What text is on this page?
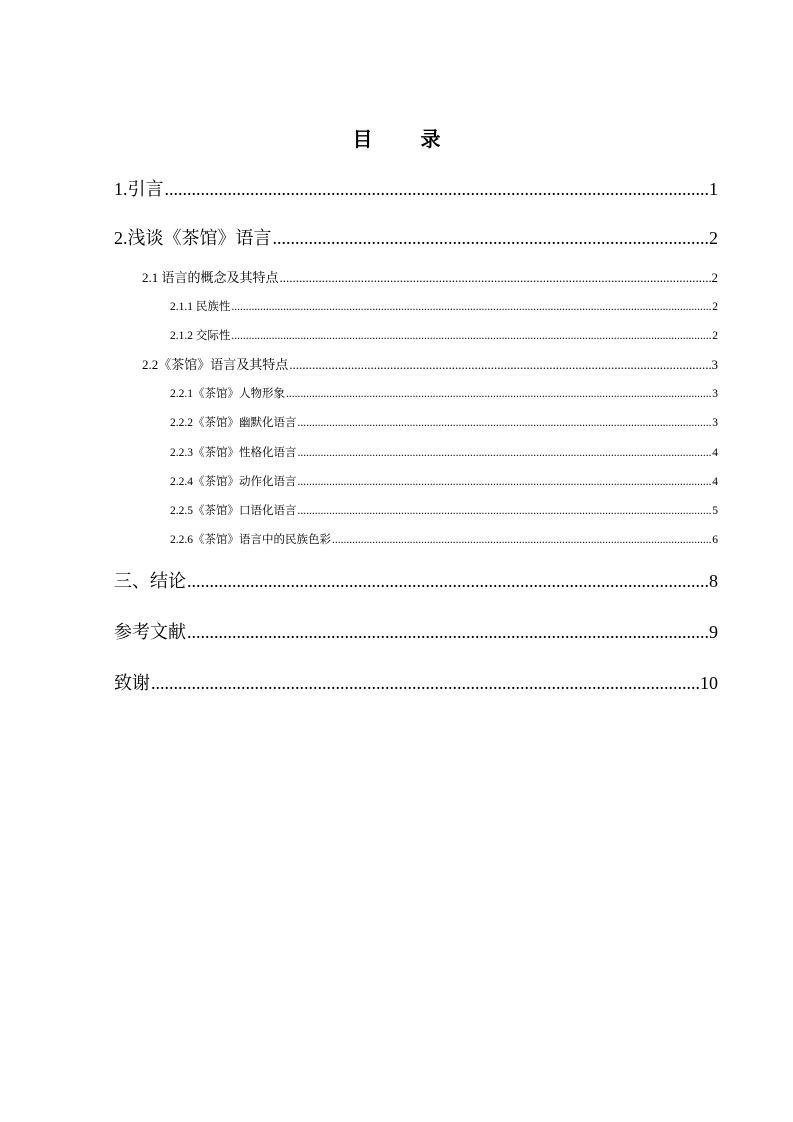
目　录
1.引言 .....	1
2.浅谈《茶馆》语言 .....	2
2.1 语言的概念及其特点 .....	2
2.1.1 民族性 .....	2
2.1.2 交际性 .....	2
2.2《茶馆》语言及其特点 .....	3
2.2.1《茶馆》人物形象 .....	3
2.2.2《茶馆》幽默化语言 .....	3
2.2.3《茶馆》性格化语言 .....	4
2.2.4《茶馆》动作化语言 .....	4
2.2.5《茶馆》口语化语言 .....	5
2.2.6《茶馆》语言中的民族色彩 .....	6
三、结论 .....	8
参考文献 .....	9
致谢 .....	10
